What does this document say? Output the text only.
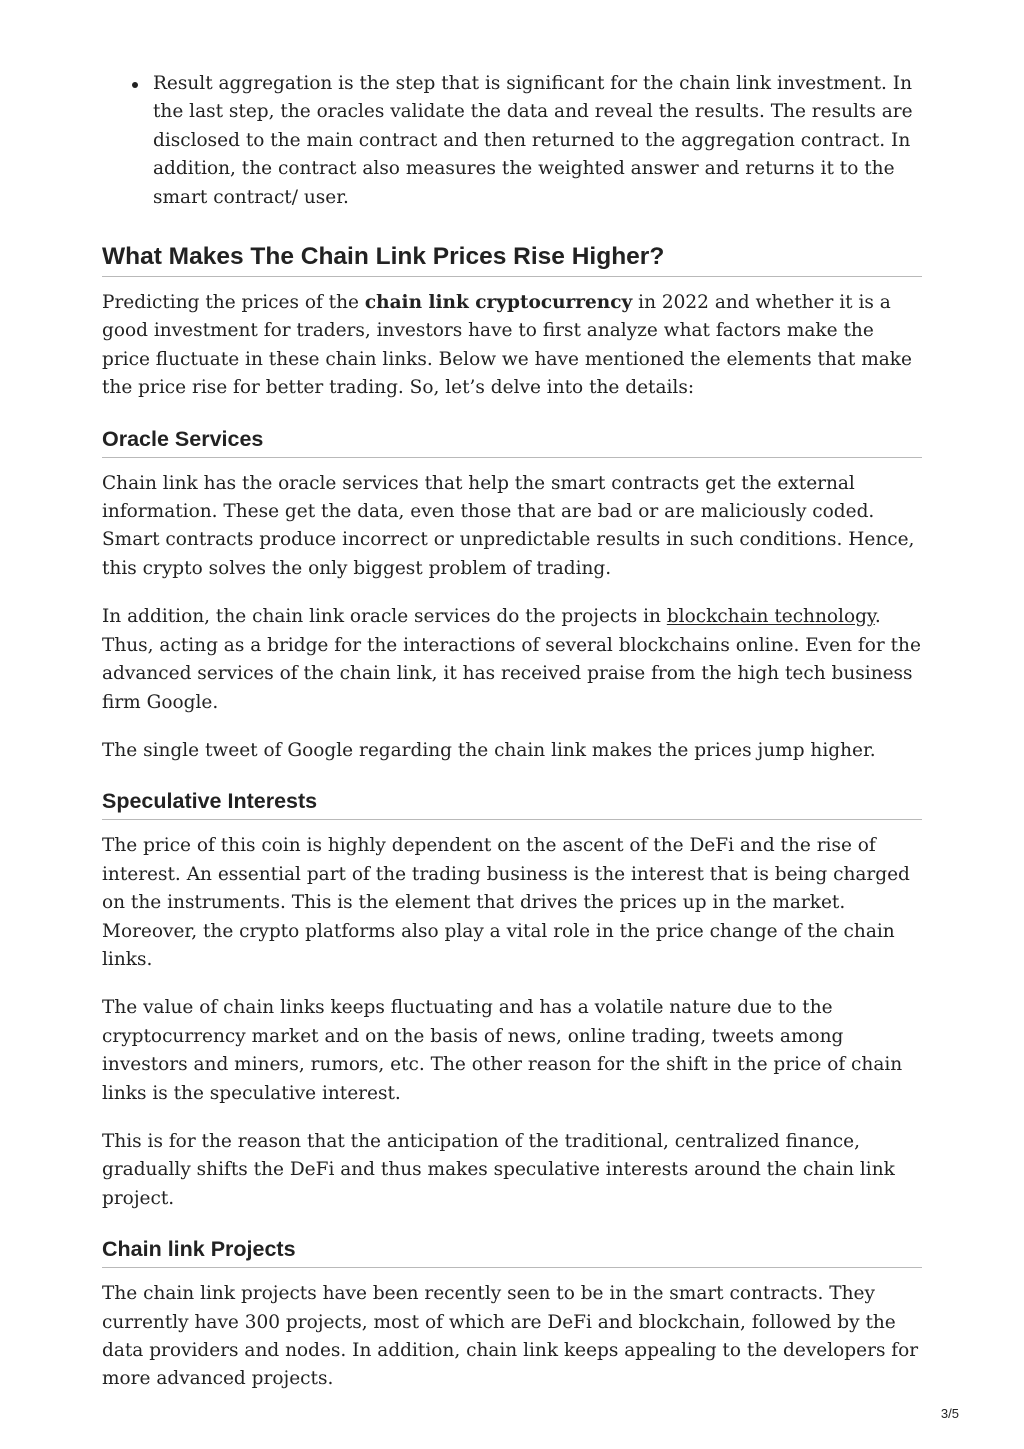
Result aggregation is the step that is significant for the chain link investment. In the last step, the oracles validate the data and reveal the results. The results are disclosed to the main contract and then returned to the aggregation contract. In addition, the contract also measures the weighted answer and returns it to the smart contract/ user.
What Makes The Chain Link Prices Rise Higher?

Predicting the prices of the chain link cryptocurrency in 2022 and whether it is a good investment for traders, investors have to first analyze what factors make the price fluctuate in these chain links. Below we have mentioned the elements that make the price rise for better trading. So, let’s delve into the details:

Oracle Services

Chain link has the oracle services that help the smart contracts get the external information. These get the data, even those that are bad or are maliciously coded. Smart contracts produce incorrect or unpredictable results in such conditions. Hence, this crypto solves the only biggest problem of trading.

In addition, the chain link oracle services do the projects in blockchain technology. Thus, acting as a bridge for the interactions of several blockchains online. Even for the advanced services of the chain link, it has received praise from the high tech business firm Google.

The single tweet of Google regarding the chain link makes the prices jump higher.

Speculative Interests

The price of this coin is highly dependent on the ascent of the DeFi and the rise of interest. An essential part of the trading business is the interest that is being charged on the instruments. This is the element that drives the prices up in the market. Moreover, the crypto platforms also play a vital role in the price change of the chain links.

The value of chain links keeps fluctuating and has a volatile nature due to the cryptocurrency market and on the basis of news, online trading, tweets among investors and miners, rumors, etc. The other reason for the shift in the price of chain links is the speculative interest.

This is for the reason that the anticipation of the traditional, centralized finance, gradually shifts the DeFi and thus makes speculative interests around the chain link project.

Chain link Projects

The chain link projects have been recently seen to be in the smart contracts. They currently have 300 projects, most of which are DeFi and blockchain, followed by the data providers and nodes. In addition, chain link keeps appealing to the developers for more advanced projects.

3/5
